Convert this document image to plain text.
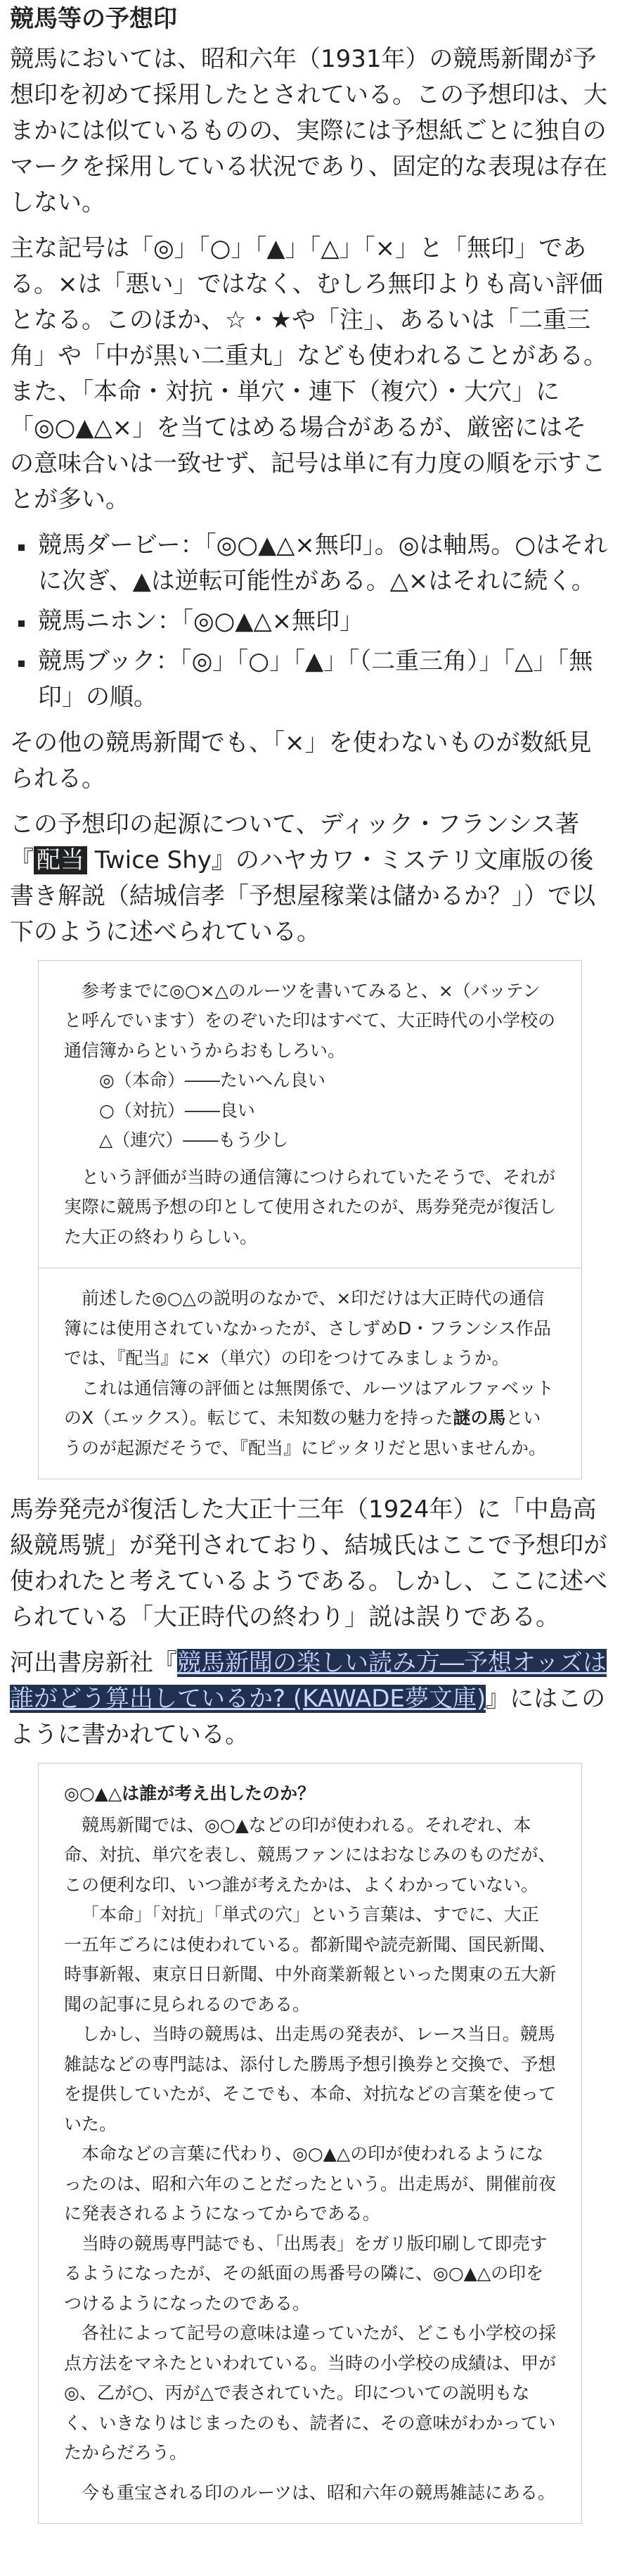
競馬等の予想印

競馬においては、昭和六年（1931年）の競馬新聞が予想印を初めて採用したとされている。この予想印は、大まかには似ているものの、実際には予想紙ごとに独自のマークを採用している状況であり、固定的な表現は存在しない。

主な記号は「◎」「○」「▲」「△」「×」と「無印」である。×は「悪い」ではなく、むしろ無印よりも高い評価となる。このほか、☆・★や「注」、あるいは「二重三角」や「中が黒い二重丸」なども使われることがある。また、「本命・対抗・単穴・連下（複穴）・大穴」に「◎○▲△×」を当てはめる場合があるが、厳密にはその意味合いは一致せず、記号は単に有力度の順を示すことが多い。

競馬ダービー：「◎○▲△×無印」。◎は軸馬。○はそれに次ぎ、▲は逆転可能性がある。△×はそれに続く。
競馬ニホン：「◎○▲△×無印」
競馬ブック：「◎」「○」「▲」「（二重三角）」「△」「無印」の順。

その他の競馬新聞でも、「×」を使わないものが数紙見られる。

この予想印の起源について、ディック・フランシス著『 配当 Twice Shy』のハヤカワ・ミステリ文庫版の後書き解説（結城信孝「予想屋稼業は儲かるか？」）で以下のように述べられている。

参考までに◎○×△のルーツを書いてみると、×（バッテンと呼んでいます）をのぞいた印はすべて、大正時代の小学校の通信簿からというからおもしろい。

◎（本命）――たいへん良い

○（対抗）――良い

△（連穴）――もう少し

という評価が当時の通信簿につけられていたそうで、それが実際に競馬予想の印として使用されたのが、馬券発売が復活した大正の終わりらしい。

前述した◎○△の説明のなかで、×印だけは大正時代の通信簿には使用されていなかったが、さしずめD・フランシス作品では、『配当』に×（単穴）の印をつけてみましょうか。

これは通信簿の評価とは無関係で、ルーツはアルファベットのX（エックス）。転じて、未知数の魅力を持った謎の馬というのが起源だそうで、『配当』にピッタリだと思いませんか。

馬券発売が復活した大正十三年（1924年）に「中島高級競馬號」が発刊されており、結城氏はここで予想印が使われたと考えているようである。しかし、ここに述べられている「大正時代の終わり」説は誤りである。

河出書房新社『競馬新聞の楽しい読み方―予想オッズは誰がどう算出しているか? (KAWADE夢文庫)』にはこのように書かれている。

◎○▲△は誰が考え出したのか？

競馬新聞では、◎○▲などの印が使われる。それぞれ、本命、対抗、単穴を表し、競馬ファンにはおなじみのものだが、この便利な印、いつ誰が考えたかは、よくわかっていない。

「本命」「対抗」「単式の穴」という言葉は、すでに、大正一五年ごろには使われている。都新聞や読売新聞、国民新聞、時事新報、東京日日新聞、中外商業新報といった関東の五大新聞の記事に見られるのである。

しかし、当時の競馬は、出走馬の発表が、レース当日。競馬雑誌などの専門誌は、添付した勝馬予想引換券と交換で、予想を提供していたが、そこでも、本命、対抗などの言葉を使っていた。

本命などの言葉に代わり、◎○▲△の印が使われるようになったのは、昭和六年のことだったという。出走馬が、開催前夜に発表されるようになってからである。

当時の競馬専門誌でも、「出馬表」をガリ版印刷して即売するようになったが、その紙面の馬番号の隣に、◎○▲△の印をつけるようになったのである。

各社によって記号の意味は違っていたが、どこも小学校の採点方法をマネたといわれている。当時の小学校の成績は、甲が◎、乙が○、丙が△で表されていた。印についての説明もなく、いきなりはじまったのも、読者に、その意味がわかっていたからだろう。

今も重宝される印のルーツは、昭和六年の競馬雑誌にある。
